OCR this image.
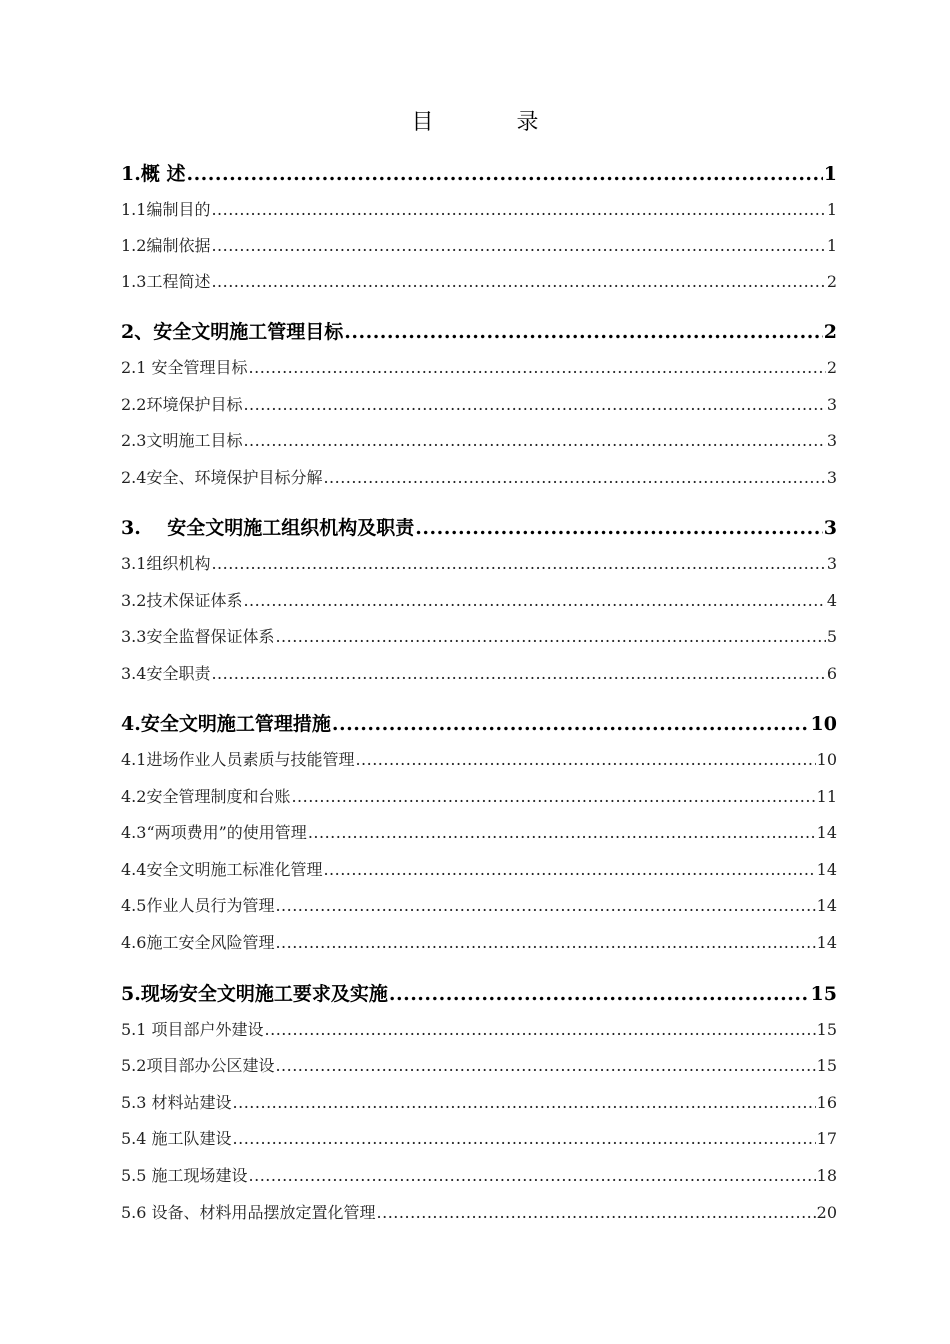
目 录
1.概 述 .....	1
1.1编制目的 .....	1
1.2编制依据 .....	1
1.3工程简述 .....	2
2、安全文明施工管理目标 .....	2
2.1 安全管理目标 .....	2
2.2环境保护目标 .....	3
2.3文明施工目标 .....	3
2.4安全、环境保护目标分解 .....	3
3.    安全文明施工组织机构及职责 .....	3
3.1组织机构 .....	3
3.2技术保证体系 .....	4
3.3安全监督保证体系 .....	5
3.4安全职责 .....	6
4.安全文明施工管理措施 .....	10
4.1进场作业人员素质与技能管理 .....	10
4.2安全管理制度和台账 .....	11
4.3“两项费用”的使用管理 .....	14
4.4安全文明施工标准化管理 .....	14
4.5作业人员行为管理 .....	14
4.6施工安全风险管理 .....	14
5.现场安全文明施工要求及实施 .....	15
5.1 项目部户外建设 .....	15
5.2项目部办公区建设 .....	15
5.3 材料站建设 .....	16
5.4 施工队建设 .....	17
5.5 施工现场建设 .....	18
5.6 设备、材料用品摆放定置化管理 .....	20
